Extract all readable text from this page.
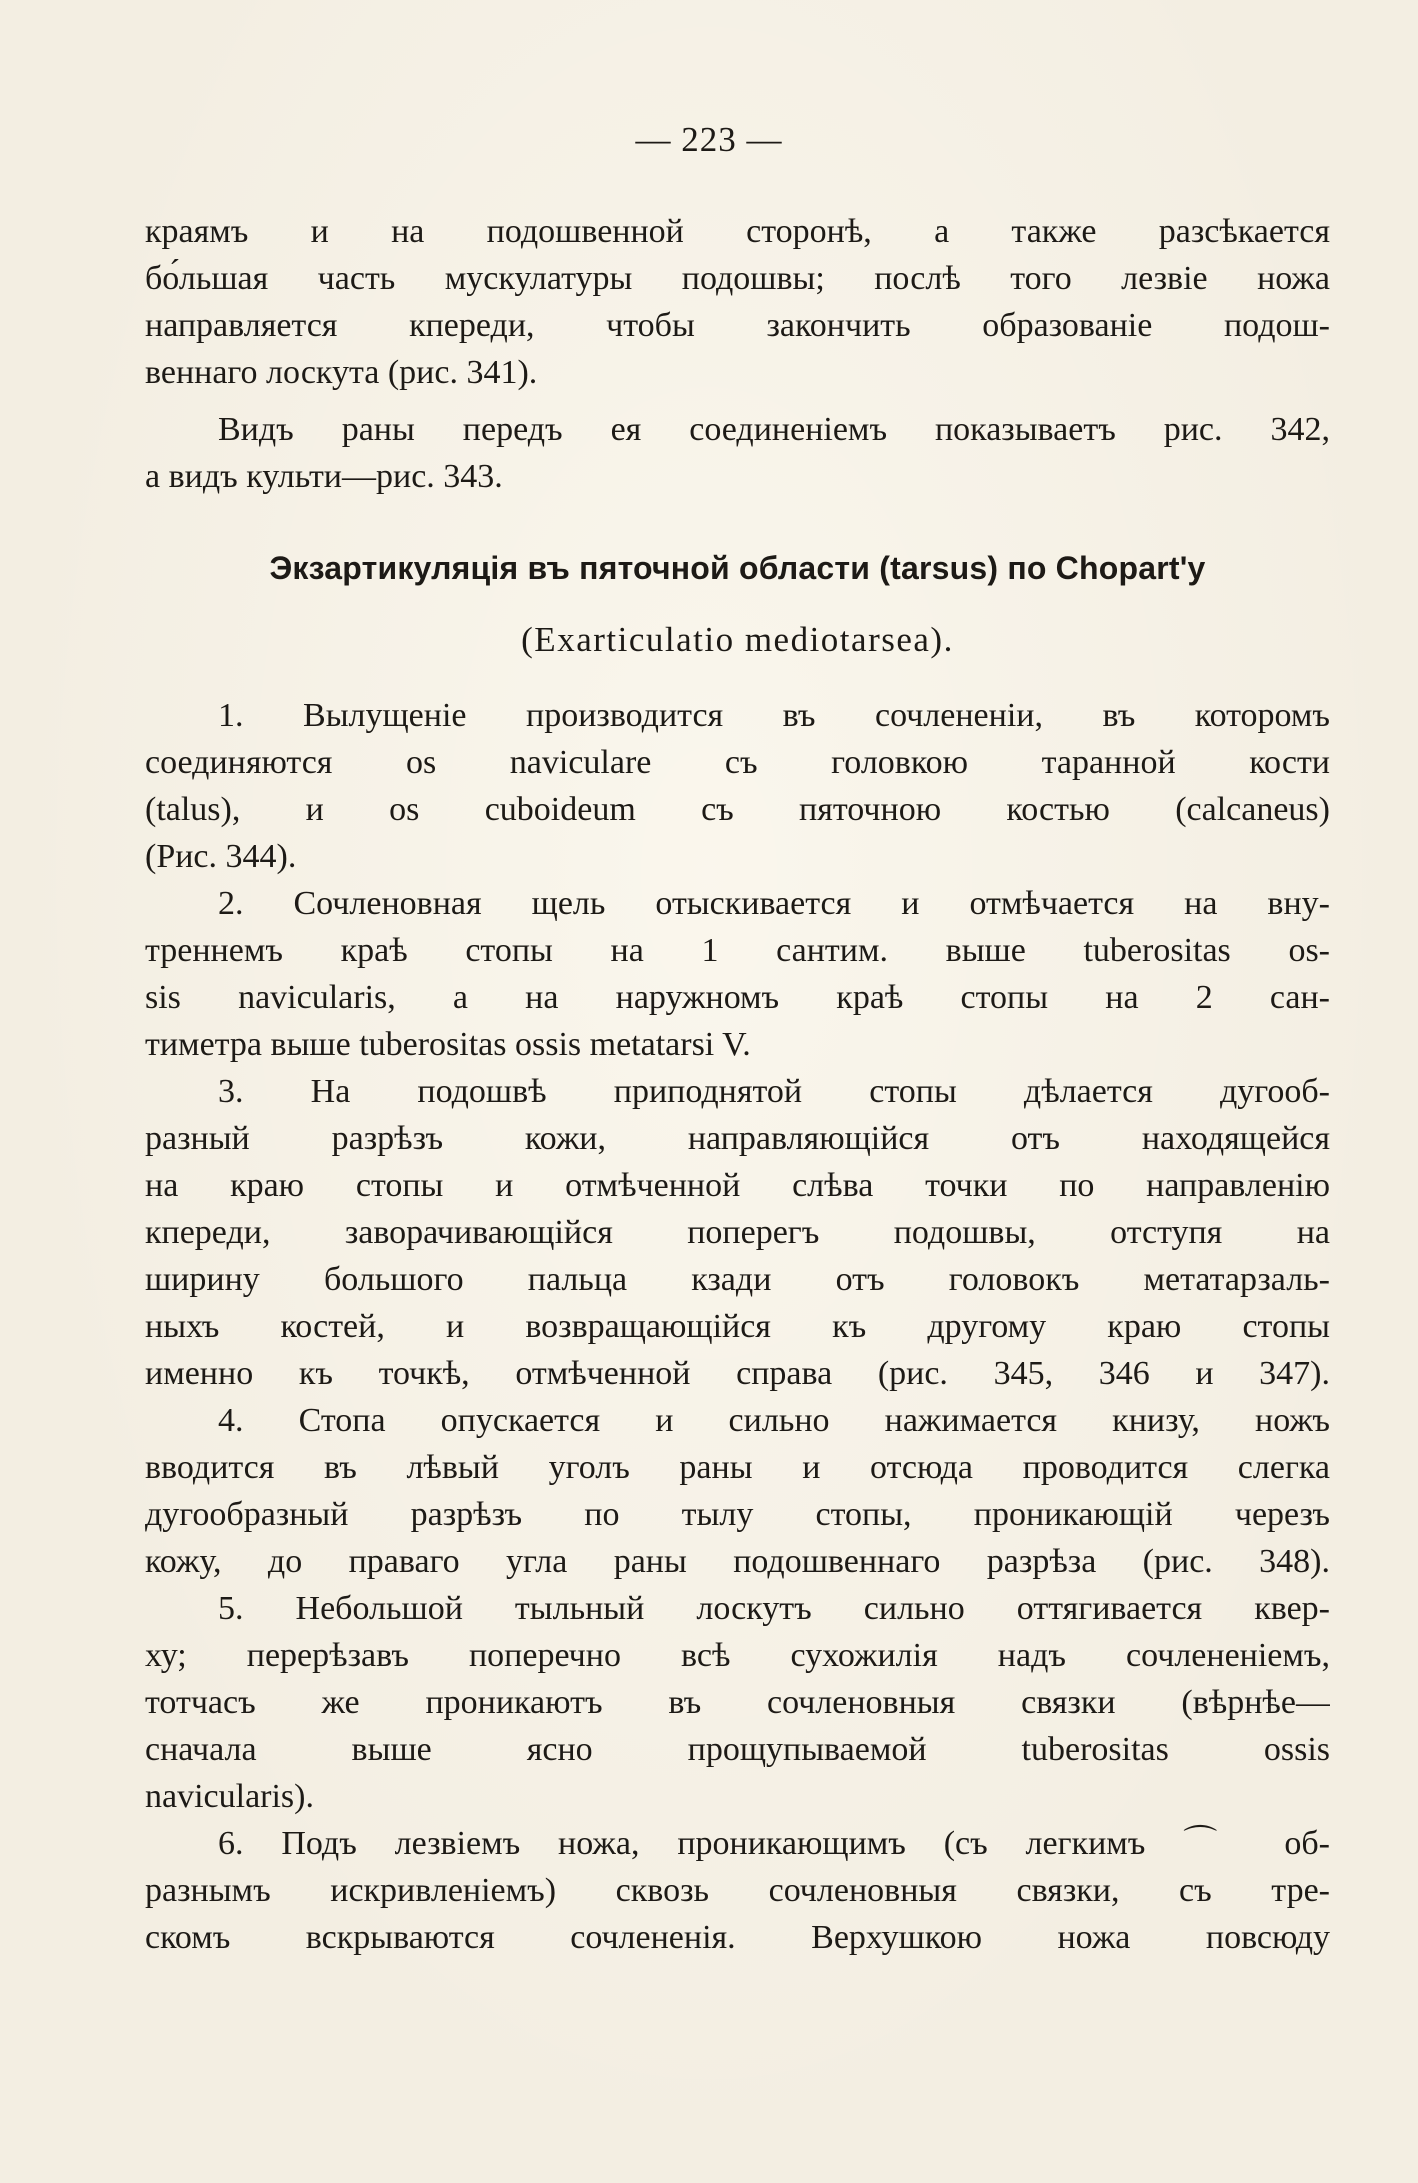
— 223 —
краямъ и на подошвенной сторонѣ, а также разсѣкается
бо́льшая часть мускулатуры подошвы; послѣ того лезвіе ножа
направляется кпереди, чтобы закончить образованіе подош-
веннаго лоскута (рис. 341).
Видъ раны передъ ея соединеніемъ показываетъ рис. 342,
а видъ культи—рис. 343.
Экзартикуляція въ пяточной области (tarsus) по Chopart'у
(Exarticulatio mediotarsea).
1. Вылущеніе производится въ сочлененіи, въ которомъ
соединяются os naviculare съ головкою таранной кости
(talus), и os cuboideum съ пяточною костью (calcaneus)
(Рис. 344).
2. Сочленовная щель отыскивается и отмѣчается на вну-
треннемъ краѣ стопы на 1 сантим. выше tuberositas os-
sis navicularis, а на наружномъ краѣ стопы на 2 сан-
тиметра выше tuberositas ossis metatarsi V.
3. На подошвѣ приподнятой стопы дѣлается дугооб-
разный разрѣзъ кожи, направляющійся отъ находящейся
на краю стопы и отмѣченной слѣва точки по направленію
кпереди, заворачивающійся поперегъ подошвы, отступя на
ширину большого пальца кзади отъ головокъ метатарзаль-
ныхъ костей, и возвращающійся къ другому краю стопы
именно къ точкѣ, отмѣченной справа (рис. 345, 346 и 347).
4. Стопа опускается и сильно нажимается книзу, ножъ
вводится въ лѣвый уголъ раны и отсюда проводится слегка
дугообразный разрѣзъ по тылу стопы, проникающій черезъ
кожу, до праваго угла раны подошвеннаго разрѣза (рис. 348).
5. Небольшой тыльный лоскутъ сильно оттягивается квер-
ху; перерѣзавъ поперечно всѣ сухожилія надъ сочлененіемъ,
тотчасъ же проникаютъ въ сочленовныя связки (вѣрнѣе—
сначала выше ясно прощупываемой tuberositas ossis
navicularis).
6. Подъ лезвіемъ ножа, проникающимъ (съ легкимъ ⌒ об-
разнымъ искривленіемъ) сквозь сочленовныя связки, съ тре-
скомъ вскрываются сочлененія. Верхушкою ножа повсюду
